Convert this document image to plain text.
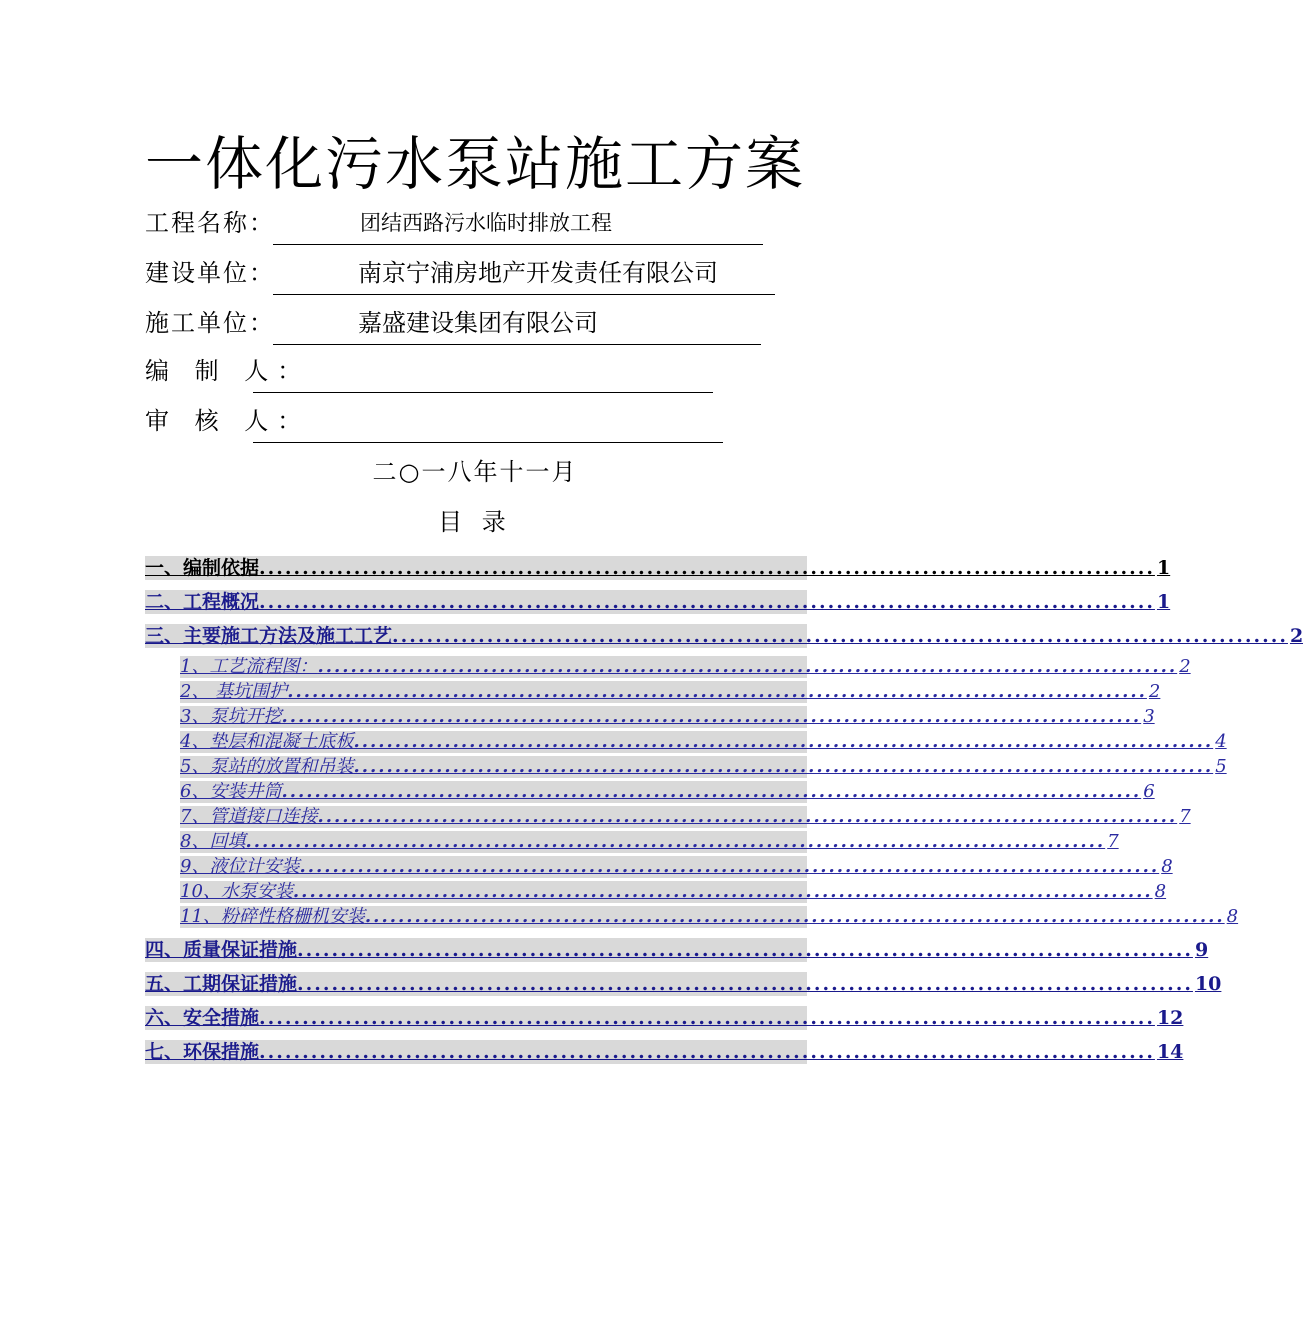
一体化污水泵站施工方案
工程名称：	团结西路污水临时排放工程
建设单位：	南京宁浦房地产开发责任有限公司
施工单位：	嘉盛建设集团有限公司
编 制 人：
审 核 人：
二○一八年十一月
目 录
一、编制依据 ........................................................................................................ 1
二、工程概况 ........................................................................................................ 1
三、主要施工方法及施工工艺 ........................................................................................................ 2
1、工艺流程图： ........................................................................................................ 2
2、 基坑围护 ........................................................................................................ 2
3、泵坑开挖 ........................................................................................................ 3
4、垫层和混凝土底板 ........................................................................................................ 4
5、泵站的放置和吊装 ........................................................................................................ 5
6、安装井筒 ........................................................................................................ 6
7、管道接口连接 ........................................................................................................ 7
8、回填 ........................................................................................................ 7
9、液位计安装 ........................................................................................................ 8
10、水泵安装 ........................................................................................................ 8
11、粉碎性格栅机安装 ........................................................................................................ 8
四、质量保证措施 ........................................................................................................ 9
五、工期保证措施 ........................................................................................................ 10
六、安全措施 ........................................................................................................ 12
七、环保措施 ........................................................................................................ 14
